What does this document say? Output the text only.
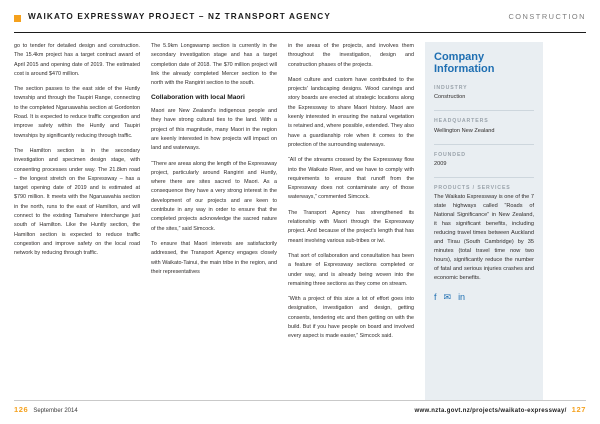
WAIKATO EXPRESSWAY PROJECT – NZ TRANSPORT AGENCY	CONSTRUCTION

go to tender for detailed design and construction. The 15.4km project has a target contract award of April 2015 and opening date of 2019. The estimated cost is around $470 million.

The section passes to the east side of the Huntly township and through the Taupiri Range, connecting to the completed Ngaruawahia section at Gordonton Road. It is expected to reduce traffic congestion and improve safety within the Huntly and Taupiri townships by significantly reducing through traffic.

The Hamilton section is in the secondary investigation and specimen design stage, with consenting processes under way. The 21.8km road – the longest stretch on the Expressway – has a target opening date of 2019 and is estimated at $790 million. It meets with the Ngaruawahia section in the north, runs to the east of Hamilton, and will connect to the existing Tamahere interchange just south of Hamilton. Like the Huntly section, the Hamilton section is expected to reduce traffic congestion and improve safety on the local road network by reducing through traffic.

The 5.9km Longswamp section is currently in the secondary investigation stage and has a target completion date of 2018. The $70 million project will link the already completed Mercer section to the north with the Rangiriri section to the south.

Collaboration with local Maori

Maori are New Zealand's indigenous people and they have strong cultural ties to the land. With a project of this magnitude, many Maori in the region are keenly interested in how projects will impact on land and waterways.

“There are areas along the length of the Expressway project, particularly around Rangiriri and Huntly, where there are sites sacred to Maori. As a consequence they have a very strong interest in the development of our projects and are keen to contribute in any way in order to ensure that the completed projects acknowledge the sacred nature of the sites,” said Simcock.

To ensure that Maori interests are satisfactorily addressed, the Transport Agency engages closely with Waikato-Tainui, the main tribe in the region, and their representatives

in the areas of the projects, and involves them throughout the investigation, design and construction phases of the projects.

Maori culture and custom have contributed to the projects' landscaping designs. Wood carvings and story boards are erected at strategic locations along the Expressway to share Maori history. Maori are keenly interested in ensuring the natural vegetation is retained and, where possible, extended. They also have a guardianship role when it comes to the protection of the surrounding waterways.

“All of the streams crossed by the Expressway flow into the Waikato River, and we have to comply with requirements to ensure that runoff from the Expressway does not contaminate any of those waterways,” commented Simcock.

The Transport Agency has strengthened its relationship with Maori through the Expressway project. And because of the project's length that has meant involving various sub-tribes or iwi.

That sort of collaboration and consultation has been a feature of Expressway sections completed or under way, and is already being woven into the remaining three sections as they come on stream.

“With a project of this size a lot of effort goes into designation, investigation and design, getting consents, tendering etc and then getting on with the build. But if you have people on board and involved every aspect is made easier,” Simcock said.

Company Information
INDUSTRY
Construction
HEADQUARTERS
Wellington New Zealand
FOUNDED
2009
PRODUCTS / SERVICES
The Waikato Expressway is one of the 7 state highways called “Roads of National Significance” in New Zealand, it has significant benefits, including reducing travel times between Auckland and Tirau (South Cambridge) by 35 minutes (total travel time now two hours), significantly reduce the number of fatal and serious injuries crashes and economic benefits.
f ✉ in
126 September 2014	www.nzta.govt.nz/projects/waikato-expressway/ 127
